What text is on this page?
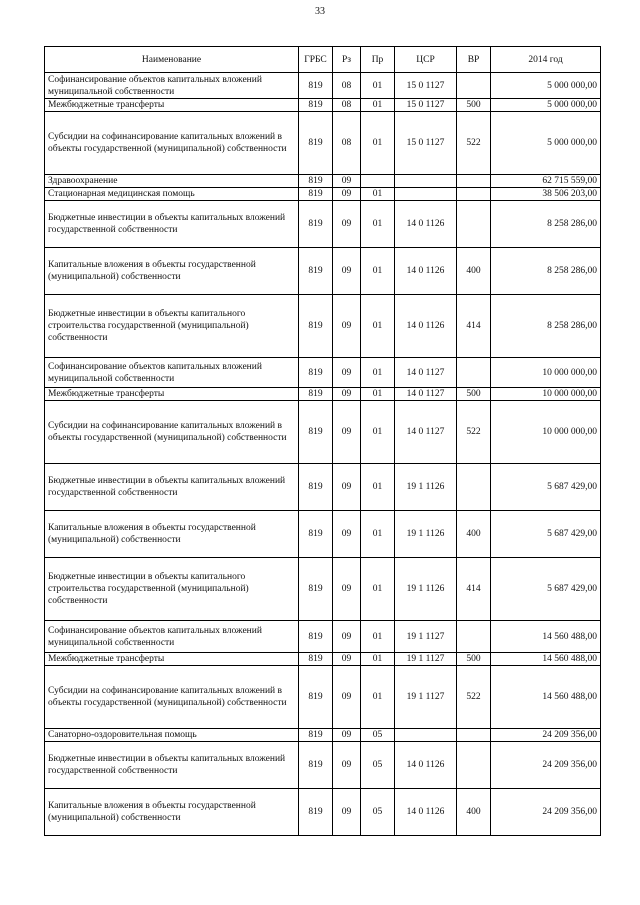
33
Наименование	ГРБС	Рз	Пр	ЦСР	ВР	2014 год
Софинансирование объектов капитальных вложений муниципальной собственности	819	08	01	15 0 1127		5 000 000,00
Межбюджетные трансферты	819	08	01	15 0 1127	500	5 000 000,00
Субсидии на софинансирование капитальных вложений в объекты государственной (муниципальной) собственности	819	08	01	15 0 1127	522	5 000 000,00
Здравоохранение	819	09				62 715 559,00
Стационарная медицинская помощь	819	09	01			38 506 203,00
Бюджетные инвестиции в объекты капитальных вложений государственной собственности	819	09	01	14 0 1126		8 258 286,00
Капитальные вложения в объекты государственной (муниципальной) собственности	819	09	01	14 0 1126	400	8 258 286,00
Бюджетные инвестиции в объекты капитального строительства государственной (муниципальной) собственности	819	09	01	14 0 1126	414	8 258 286,00
Софинансирование объектов капитальных вложений муниципальной собственности	819	09	01	14 0 1127		10 000 000,00
Межбюджетные трансферты	819	09	01	14 0 1127	500	10 000 000,00
Субсидии на софинансирование капитальных вложений в объекты государственной (муниципальной) собственности	819	09	01	14 0 1127	522	10 000 000,00
Бюджетные инвестиции в объекты капитальных вложений государственной собственности	819	09	01	19 1 1126		5 687 429,00
Капитальные вложения в объекты государственной (муниципальной) собственности	819	09	01	19 1 1126	400	5 687 429,00
Бюджетные инвестиции в объекты капитального строительства государственной (муниципальной) собственности	819	09	01	19 1 1126	414	5 687 429,00
Софинансирование объектов капитальных вложений муниципальной собственности	819	09	01	19 1 1127		14 560 488,00
Межбюджетные трансферты	819	09	01	19 1 1127	500	14 560 488,00
Субсидии на софинансирование капитальных вложений в объекты государственной (муниципальной) собственности	819	09	01	19 1 1127	522	14 560 488,00
Санаторно-оздоровительная помощь	819	09	05			24 209 356,00
Бюджетные инвестиции в объекты капитальных вложений государственной собственности	819	09	05	14 0 1126		24 209 356,00
Капитальные вложения в объекты государственной (муниципальной) собственности	819	09	05	14 0 1126	400	24 209 356,00
